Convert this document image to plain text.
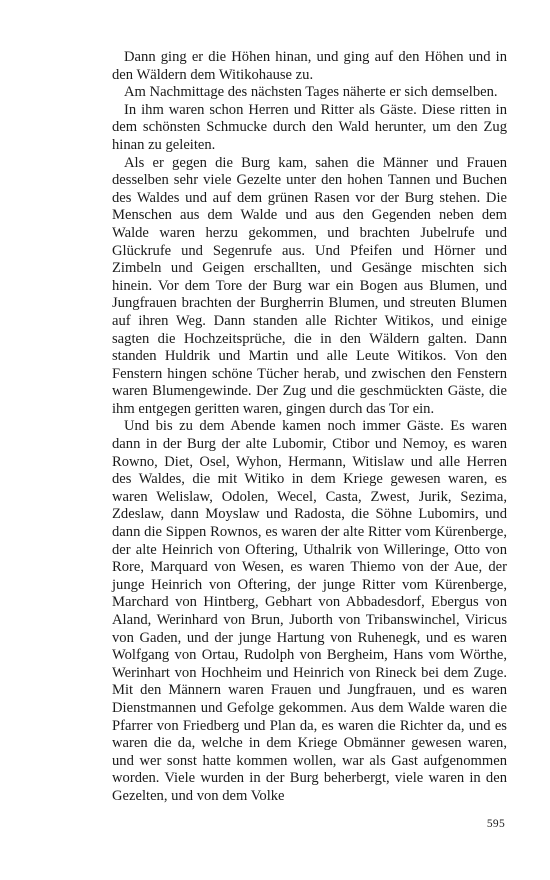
Dann ging er die Höhen hinan, und ging auf den Höhen und in den Wäldern dem Witikohause zu.

Am Nachmittage des nächsten Tages näherte er sich demselben.

In ihm waren schon Herren und Ritter als Gäste. Diese ritten in dem schönsten Schmucke durch den Wald herunter, um den Zug hinan zu geleiten.

Als er gegen die Burg kam, sahen die Männer und Frauen desselben sehr viele Gezelte unter den hohen Tannen und Buchen des Waldes und auf dem grünen Rasen vor der Burg stehen. Die Menschen aus dem Walde und aus den Gegenden neben dem Walde waren herzu gekommen, und brachten Jubelrufe und Glückrufe und Segenrufe aus. Und Pfeifen und Hörner und Zimbeln und Geigen erschallten, und Gesänge mischten sich hinein. Vor dem Tore der Burg war ein Bogen aus Blumen, und Jungfrauen brachten der Burgherrin Blumen, und streuten Blumen auf ihren Weg. Dann standen alle Richter Witikos, und einige sagten die Hochzeitsprüche, die in den Wäldern galten. Dann standen Huldrik und Martin und alle Leute Witikos. Von den Fenstern hingen schöne Tücher herab, und zwischen den Fenstern waren Blumengewinde. Der Zug und die geschmückten Gäste, die ihm entgegen geritten waren, gingen durch das Tor ein.

Und bis zu dem Abende kamen noch immer Gäste. Es waren dann in der Burg der alte Lubomir, Ctibor und Nemoy, es waren Rowno, Diet, Osel, Wyhon, Hermann, Witislaw und alle Herren des Waldes, die mit Witiko in dem Kriege gewesen waren, es waren Welislaw, Odolen, Wecel, Casta, Zwest, Jurik, Sezima, Zdeslaw, dann Moyslaw und Radosta, die Söhne Lubomirs, und dann die Sippen Rownos, es waren der alte Ritter vom Kürenberge, der alte Heinrich von Oftering, Uthalrik von Willeringe, Otto von Rore, Marquard von Wesen, es waren Thiemo von der Aue, der junge Heinrich von Oftering, der junge Ritter vom Kürenberge, Marchard von Hintberg, Gebhart von Abbadesdorf, Ebergus von Aland, Werinhard von Brun, Juborth von Tribanswinchel, Viricus von Gaden, und der junge Hartung von Ruhenegk, und es waren Wolfgang von Ortau, Rudolph von Bergheim, Hans vom Wörthe, Werinhart von Hochheim und Heinrich von Rineck bei dem Zuge. Mit den Männern waren Frauen und Jungfrauen, und es waren Dienstmannen und Gefolge gekommen. Aus dem Walde waren die Pfarrer von Friedberg und Plan da, es waren die Richter da, und es waren die da, welche in dem Kriege Obmänner gewesen waren, und wer sonst hatte kommen wollen, war als Gast aufgenommen worden. Viele wurden in der Burg beherbergt, viele waren in den Gezelten, und von dem Volke

595
